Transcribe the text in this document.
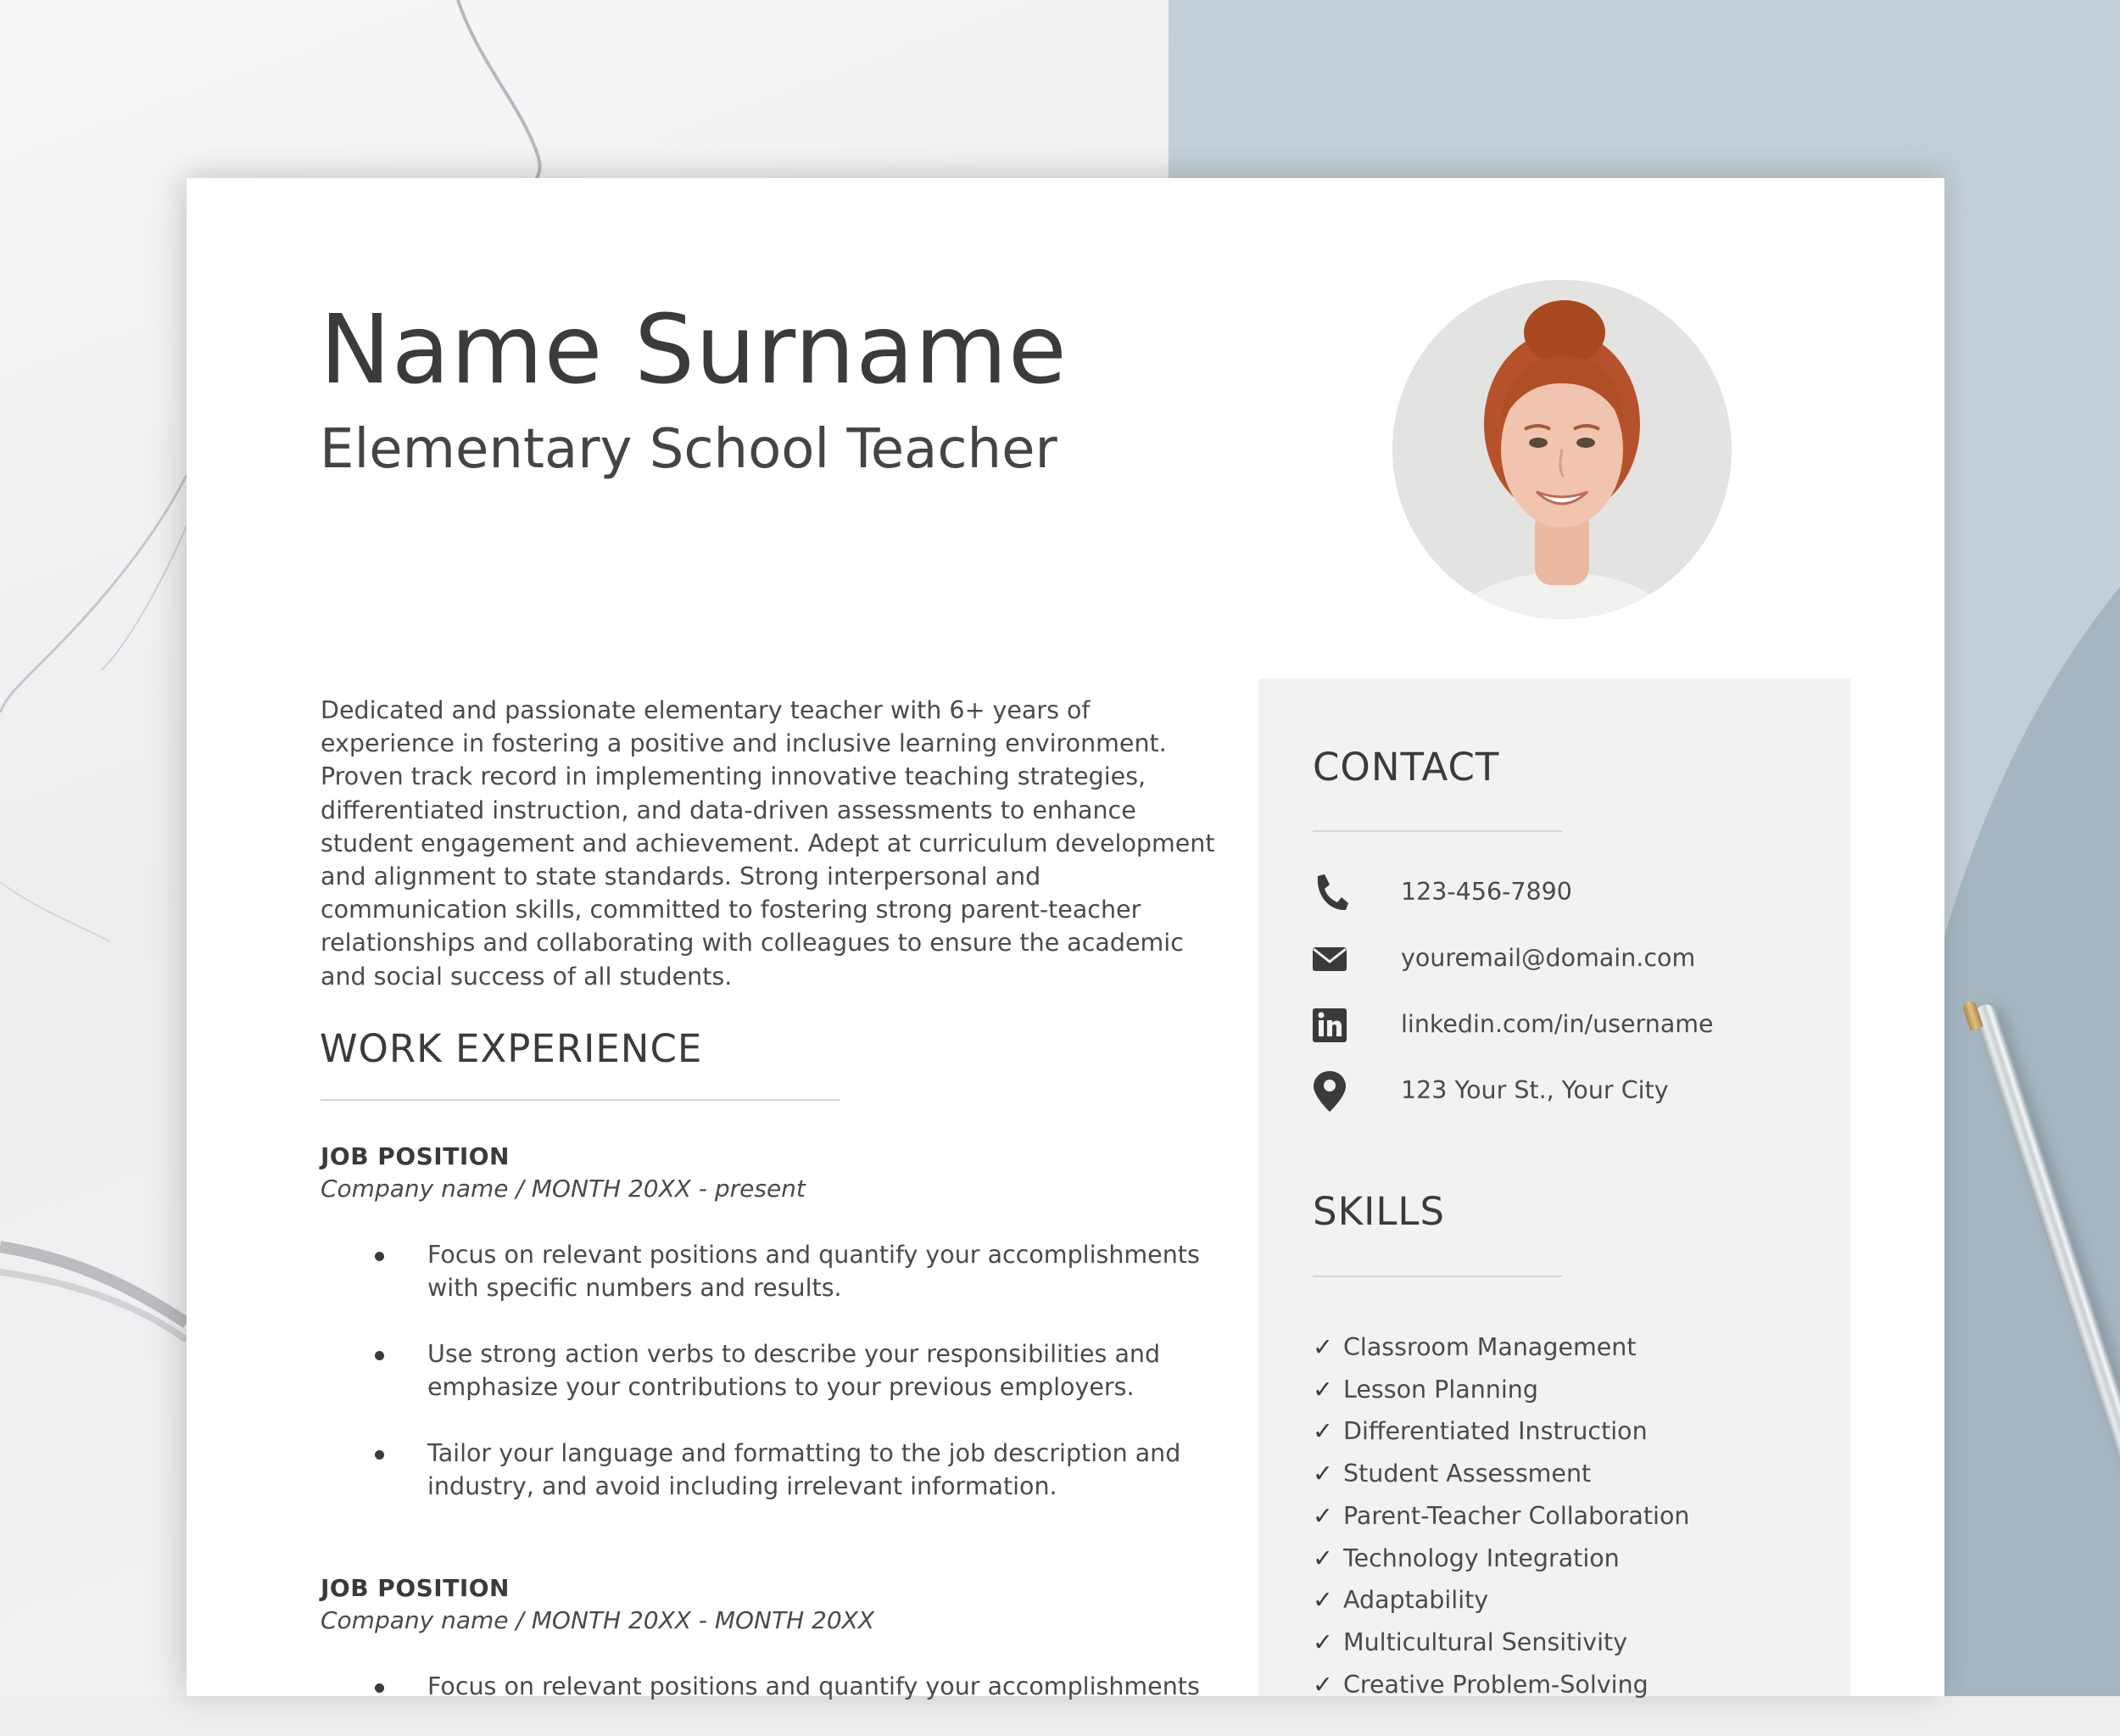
Name Surname
Elementary School Teacher
Dedicated and passionate elementary teacher with 6+ years of experience in fostering a positive and inclusive learning environment. Proven track record in implementing innovative teaching strategies, differentiated instruction, and data-driven assessments to enhance student engagement and achievement. Adept at curriculum development and alignment to state standards. Strong interpersonal and communication skills, committed to fostering strong parent-teacher relationships and collaborating with colleagues to ensure the academic and social success of all students.
WORK EXPERIENCE
JOB POSITION
Company name / MONTH 20XX - present
Focus on relevant positions and quantify your accomplishments with specific numbers and results.
Use strong action verbs to describe your responsibilities and emphasize your contributions to your previous employers.
Tailor your language and formatting to the job description and industry, and avoid including irrelevant information.
JOB POSITION
Company name / MONTH 20XX - MONTH 20XX
Focus on relevant positions and quantify your accomplishments
CONTACT
123-456-7890
youremail@domain.com
linkedin.com/in/username
123 Your St., Your City
SKILLS
✓ Classroom Management
✓ Lesson Planning
✓ Differentiated Instruction
✓ Student Assessment
✓ Parent-Teacher Collaboration
✓ Technology Integration
✓ Adaptability
✓ Multicultural Sensitivity
✓ Creative Problem-Solving
